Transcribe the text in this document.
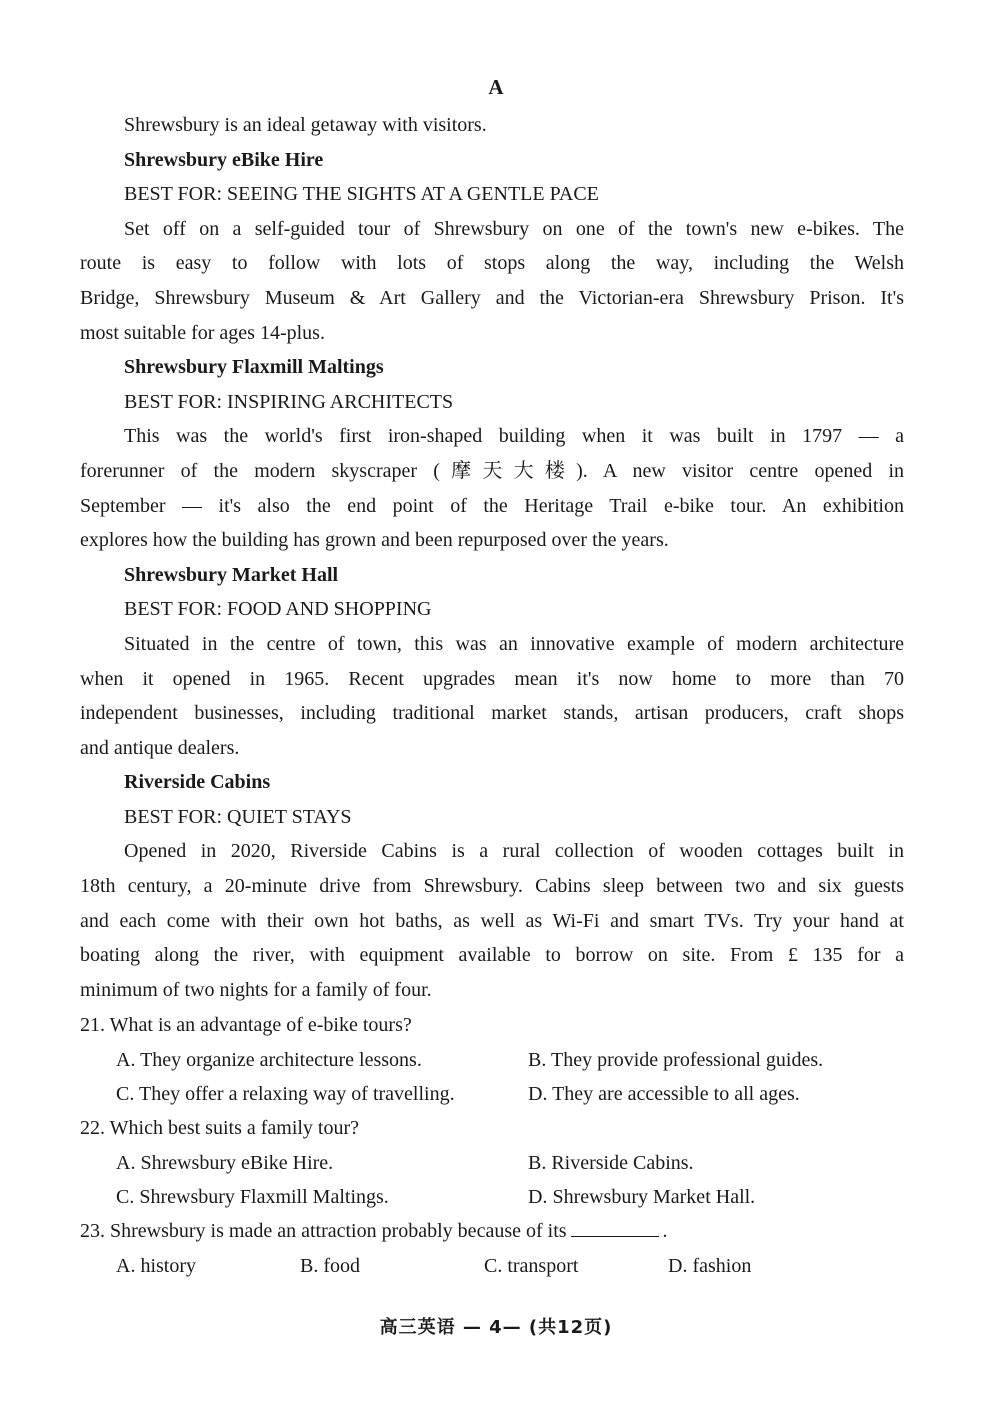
A
Shrewsbury is an ideal getaway with visitors.
Shrewsbury eBike Hire
BEST FOR: SEEING THE SIGHTS AT A GENTLE PACE
Set off on a self-guided tour of Shrewsbury on one of the town's new e-bikes. The
route is easy to follow with lots of stops along the way, including the Welsh
Bridge, Shrewsbury Museum & Art Gallery and the Victorian-era Shrewsbury Prison. It's
most suitable for ages 14-plus.
Shrewsbury Flaxmill Maltings
BEST FOR: INSPIRING ARCHITECTS
This was the world's first iron-shaped building when it was built in 1797 — a
forerunner of the modern skyscraper (摩天大楼). A new visitor centre opened in
September — it's also the end point of the Heritage Trail e-bike tour. An exhibition
explores how the building has grown and been repurposed over the years.
Shrewsbury Market Hall
BEST FOR: FOOD AND SHOPPING
Situated in the centre of town, this was an innovative example of modern architecture
when it opened in 1965. Recent upgrades mean it's now home to more than 70
independent businesses, including traditional market stands, artisan producers, craft shops
and antique dealers.
Riverside Cabins
BEST FOR: QUIET STAYS
Opened in 2020, Riverside Cabins is a rural collection of wooden cottages built in
18th century, a 20-minute drive from Shrewsbury. Cabins sleep between two and six guests
and each come with their own hot baths, as well as Wi-Fi and smart TVs. Try your hand at
boating along the river, with equipment available to borrow on site. From £ 135 for a
minimum of two nights for a family of four.
21. What is an advantage of e-bike tours?
A. They organize architecture lessons.	B. They provide professional guides.
C. They offer a relaxing way of travelling.	D. They are accessible to all ages.
22. Which best suits a family tour?
A. Shrewsbury eBike Hire.	B. Riverside Cabins.
C. Shrewsbury Flaxmill Maltings.	D. Shrewsbury Market Hall.
23. Shrewsbury is made an attraction probably because of its	.
A. history	B. food	C. transport	D. fashion
高三英语 — 4— (共12页)
